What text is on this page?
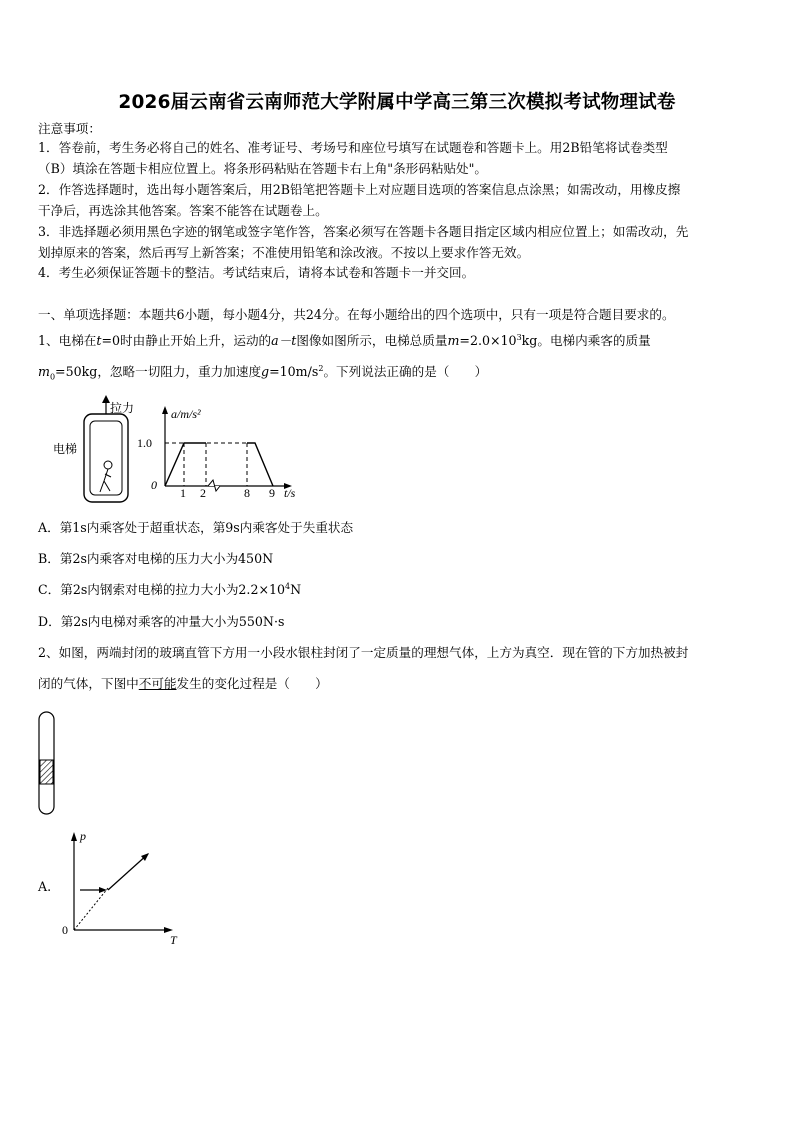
2026届云南省云南师范大学附属中学高三第三次模拟考试物理试卷
注意事项：
1．答卷前，考生务必将自己的姓名、准考证号、考场号和座位号填写在试题卷和答题卡上。用2B铅笔将试卷类型
（B）填涂在答题卡相应位置上。将条形码粘贴在答题卡右上角"条形码粘贴处"。
2．作答选择题时，选出每小题答案后，用2B铅笔把答题卡上对应题目选项的答案信息点涂黑；如需改动，用橡皮擦
干净后，再选涂其他答案。答案不能答在试题卷上。
3．非选择题必须用黑色字迹的钢笔或签字笔作答，答案必须写在答题卡各题目指定区域内相应位置上；如需改动，先
划掉原来的答案，然后再写上新答案；不准使用铅笔和涂改液。不按以上要求作答无效。
4．考生必须保证答题卡的整洁。考试结束后，请将本试卷和答题卡一并交回。
一、单项选择题：本题共6小题，每小题4分，共24分。在每小题给出的四个选项中，只有一项是符合题目要求的。
1、电梯在t=0时由静止开始上升，运动的a－t图像如图所示，电梯总质量$m=2.0\times 10^3kg$。电梯内乘客的质量
$m_0=50kg$，忽略一切阻力，重力加速度$g=10m/s^2$。下列说法正确的是（　　）
拉力
电梯
a/m/s²
t/s
0
1.0
1 2	8 9
A．第1s内乘客处于超重状态，第9s内乘客处于失重状态
B．第2s内乘客对电梯的压力大小为450N
C．第2s内钢索对电梯的拉力大小为$2.2\times 10^4N$
D．第2s内电梯对乘客的冲量大小为550N·s
2、如图，两端封闭的玻璃直管下方用一小段水银柱封闭了一定质量的理想气体，上方为真空．现在管的下方加热被封
闭的气体，下图中不可能发生的变化过程是（　　）
A.
p
T
0
